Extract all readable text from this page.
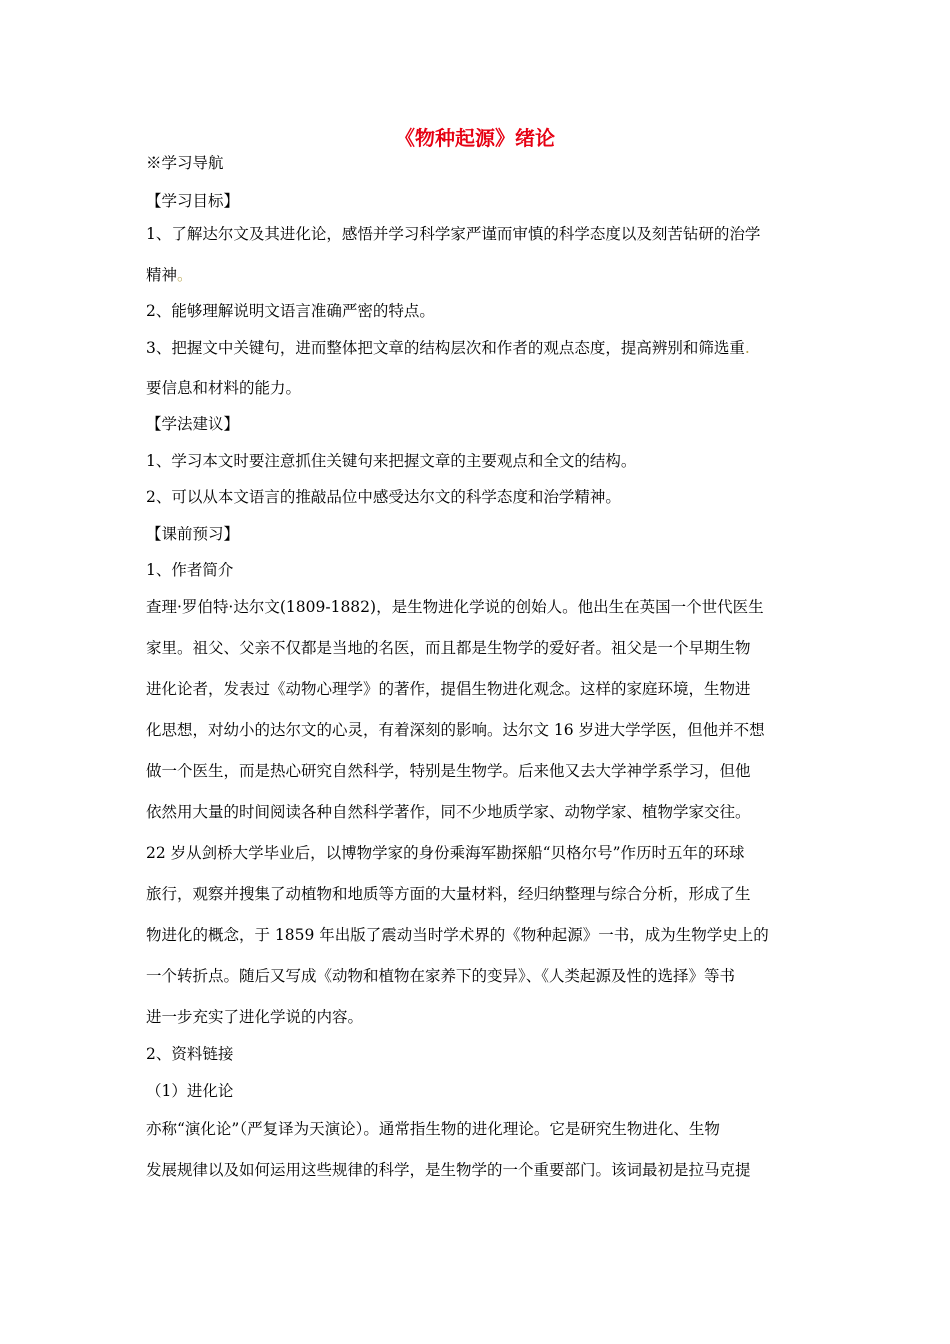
《物种起源》绪论
※学习导航
【学习目标】
1、了解达尔文及其进化论，感悟并学习科学家严谨而审慎的科学态度以及刻苦钻研的治学
精神。
2、能够理解说明文语言准确严密的特点。
3、把握文中关键句，进而整体把文章的结构层次和作者的观点态度，提高辨别和筛选重.
要信息和材料的能力。
【学法建议】
1、学习本文时要注意抓住关键句来把握文章的主要观点和全文的结构。
2、可以从本文语言的推敲品位中感受达尔文的科学态度和治学精神。
【课前预习】
1、作者简介
查理·罗伯特·达尔文(1809-1882)，是生物进化学说的创始人。他出生在英国一个世代医生
家里。祖父、父亲不仅都是当地的名医，而且都是生物学的爱好者。祖父是一个早期生物
进化论者，发表过《动物心理学》的著作，提倡生物进化观念。这样的家庭环境，生物进
化思想，对幼小的达尔文的心灵，有着深刻的影响。达尔文 16 岁进大学学医，但他并不想
做一个医生，而是热心研究自然科学，特别是生物学。后来他又去大学神学系学习，但他
依然用大量的时间阅读各种自然科学著作，同不少地质学家、动物学家、植物学家交往。
22 岁从剑桥大学毕业后，以博物学家的身份乘海军勘探船“贝格尔号”作历时五年的环球
旅行，观察并搜集了动植物和地质等方面的大量材料，经归纳整理与综合分析，形成了生
物进化的概念，于 1859 年出版了震动当时学术界的《物种起源》一书，成为生物学史上的
一个转折点。随后又写成《动物和植物在家养下的变异》、《人类起源及性的选择》等书
进一步充实了进化学说的内容。
2、资料链接
（1）进化论
亦称“演化论”（严复译为天演论）。通常指生物的进化理论。它是研究生物进化、生物
发展规律以及如何运用这些规律的科学，是生物学的一个重要部门。该词最初是拉马克提
